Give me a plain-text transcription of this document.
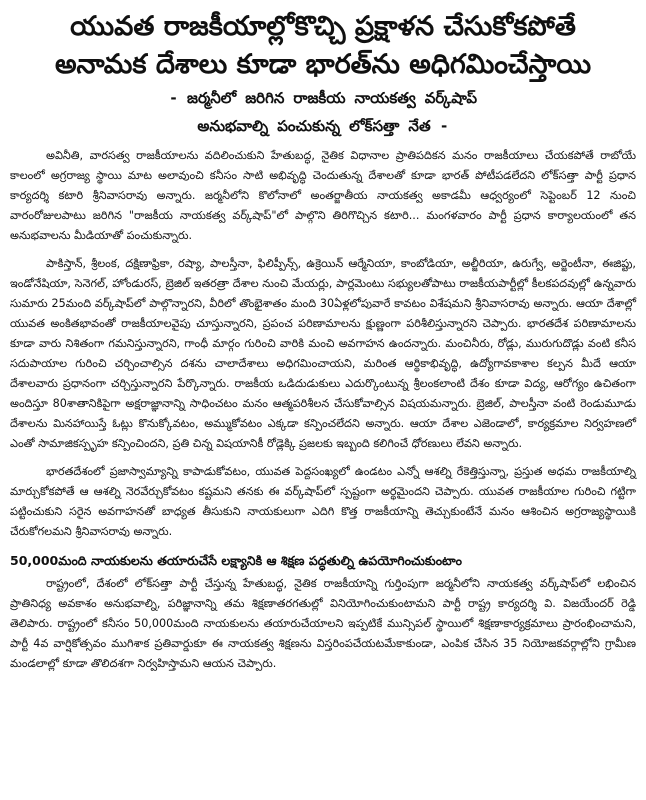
యువత రాజకీయాల్లోకొచ్చి ప్రక్షాళన చేసుకోకపోతే
అనామక దేశాలు కూడా భారత్‌ను అధిగమించేస్తాయి

- జర్మనీలో జరిగిన రాజకీయ నాయకత్వ వర్క్‌షాప్

అనుభవాల్ని పంచుకున్న లోక్‌సత్తా నేత -

అవినీతి, వారసత్వ రాజకీయాలను వదిలించుకుని హేతుబద్ధ, నైతిక విధానాల ప్రాతిపదికన మనం రాజకీయాలు చేయకపోతే రాబోయే కాలంలో అగ్రరాజ్య స్థాయి మాట అలావుంచి కనీసం సాటి అభివృద్ధి చెందుతున్న దేశాలతో కూడా భారత్ పోటీపడలేదని లోక్‌సత్తా పార్టీ ప్రధాన కార్యదర్శి కటారి శ్రీనివాసరావు అన్నారు. జర్మనీలోని కొలోనాలో అంతర్జాతీయ నాయకత్వ అకాడమీ ఆధ్వర్యంలో సెప్టెంబర్ 12 నుంచి వారంరోజులపాటు జరిగిన "రాజకీయ నాయకత్వ వర్క్‌షాప్"లో పాల్గొని తిరిగొచ్చిన కటారి... మంగళవారం పార్టీ ప్రధాన కార్యాలయంలో తన అనుభవాలను మీడియాతో పంచుకున్నారు.

పాకిస్తాన్, శ్రీలంక, దక్షిణాఫ్రికా, రష్యా, పాలస్తీనా, ఫిలిప్పీన్స్, ఉక్రెయిన్ ఆర్మేనియా, కాంబోడియా, అల్జీరియా, ఉరుగ్వే, అర్జెంటీనా, ఈజిప్టు, ఇండోనేషియా, సెనెగల్, హోండురస్, బ్రెజిల్ ఇతరత్రా దేశాల నుంచి మేయర్లు, పార్లమెంటు సభ్యులతోపాటు రాజకీయపార్టీల్లో కీలకపదవుల్లో ఉన్నవారు సుమారు 25మంది వర్క్‌షాప్‌లో పాల్గొన్నారని, వీరిలో తొంభైశాతం మంది 30ఏళ్లలోపువారే కావటం విశేషమని శ్రీనివాసరావు అన్నారు. ఆయా దేశాల్లో యువత అంకితభావంతో రాజకీయాలవైపు చూస్తున్నారని, ప్రపంచ పరిణామాలను క్షుణ్ణంగా పరిశీలిస్తున్నారని చెప్పారు. భారతదేశ పరిణామాలను కూడా వారు నిశితంగా గమనిస్తున్నారని, గాంధీ మార్గం గురించి వారికి మంచి అవగాహన ఉందన్నారు. మంచినీరు, రోడ్లు, మురుగుదొడ్లు వంటి కనీస సదుపాయాల గురించి చర్చించాల్సిన దశను చాలాదేశాలు అధిగమించాయని, మరింత ఆర్థికాభివృద్ధి, ఉద్యోగావకాశాల కల్పన మీదే ఆయా దేశాలవారు ప్రధానంగా చర్చిస్తున్నారని పేర్కొన్నారు. రాజకీయ ఒడిదుడుకులు ఎదుర్కొంటున్న శ్రీలంకలాంటి దేశం కూడా విద్య, ఆరోగ్యం ఉచితంగా అందిస్తూ 80శాతానికిపైగా అక్షరాజ్ఞానాన్ని సాధించటం మనం ఆత్మపరిశీలన చేసుకోవాల్సిన విషయమన్నారు. బ్రెజిల్, పాలస్తీనా వంటి రెండుమూడు దేశాలను మినహాయిస్తే ఓట్లు కొనుక్కోవటం, అమ్ముకోవటం ఎక్కడా కన్పించలేదని అన్నారు. ఆయా దేశాల ఎజెండాలో, కార్యక్రమాల నిర్వహణలో ఎంతో సామాజికస్పృహ కన్పించిందని, ప్రతి చిన్న విషయానికీ రోడ్లెక్కి ప్రజలకు ఇబ్బంది కలిగించే ధోరణులు లేవని అన్నారు.

భారతదేశంలో ప్రజాస్వామ్యాన్ని కాపాడుకోవటం, యువత పెద్దసంఖ్యలో ఉండటం ఎన్నో ఆశల్ని రేకెత్తిస్తున్నా, ప్రస్తుత అధమ రాజకీయాల్ని మార్చుకోకపోతే ఆ ఆశల్ని నెరవేర్చుకోవటం కష్టమని తనకు ఈ వర్క్‌షాప్‌లో స్పష్టంగా అర్థమైందని చెప్పారు. యువత రాజకీయాల గురించి గట్టిగా పట్టించుకుని సరైన అవగాహనతో బాధ్యత తీసుకుని నాయకులుగా ఎదిగి కొత్త రాజకీయాన్ని తెచ్చుకుంటేనే మనం ఆశించిన అగ్రరాజ్యస్థాయికి చేరుకోగలమని శ్రీనివాసరావు అన్నారు.

50,000మంది నాయకులను తయారుచేసే లక్ష్యానికి ఆ శిక్షణ పద్ధతుల్ని ఉపయోగించుకుంటాం

రాష్ట్రంలో, దేశంలో లోక్‌సత్తా పార్టీ చేస్తున్న హేతుబద్ధ, నైతిక రాజకీయాన్ని గుర్తింపుగా జర్మనీలోని నాయకత్వ వర్క్‌షాప్‌లో లభించిన ప్రాతినిధ్య అవకాశం అనుభవాల్ని, పరిజ్ఞానాన్ని తమ శిక్షణాతరగతుల్లో వినియోగించుకుంటామని పార్టీ రాష్ట్ర కార్యదర్శి వి. విజయేందర్ రెడ్డి తెలిపారు. రాష్ట్రంలో కనీసం 50,000మంది నాయకులను తయారుచేయాలని ఇప్పటికే మున్సిపల్ స్థాయిలో శిక్షణాకార్యక్రమాలు ప్రారంభించామని, పార్టీ 4వ వార్షికోత్సవం ముగిశాక ప్రతివార్డుకూ ఈ నాయకత్వ శిక్షణను విస్తరింపచేయటమేకాకుండా, ఎంపిక చేసిన 35 నియోజకవర్గాల్లోని గ్రామీణ మండలాల్లో కూడా తొలిదశగా నిర్వహిస్తామని ఆయన చెప్పారు.
